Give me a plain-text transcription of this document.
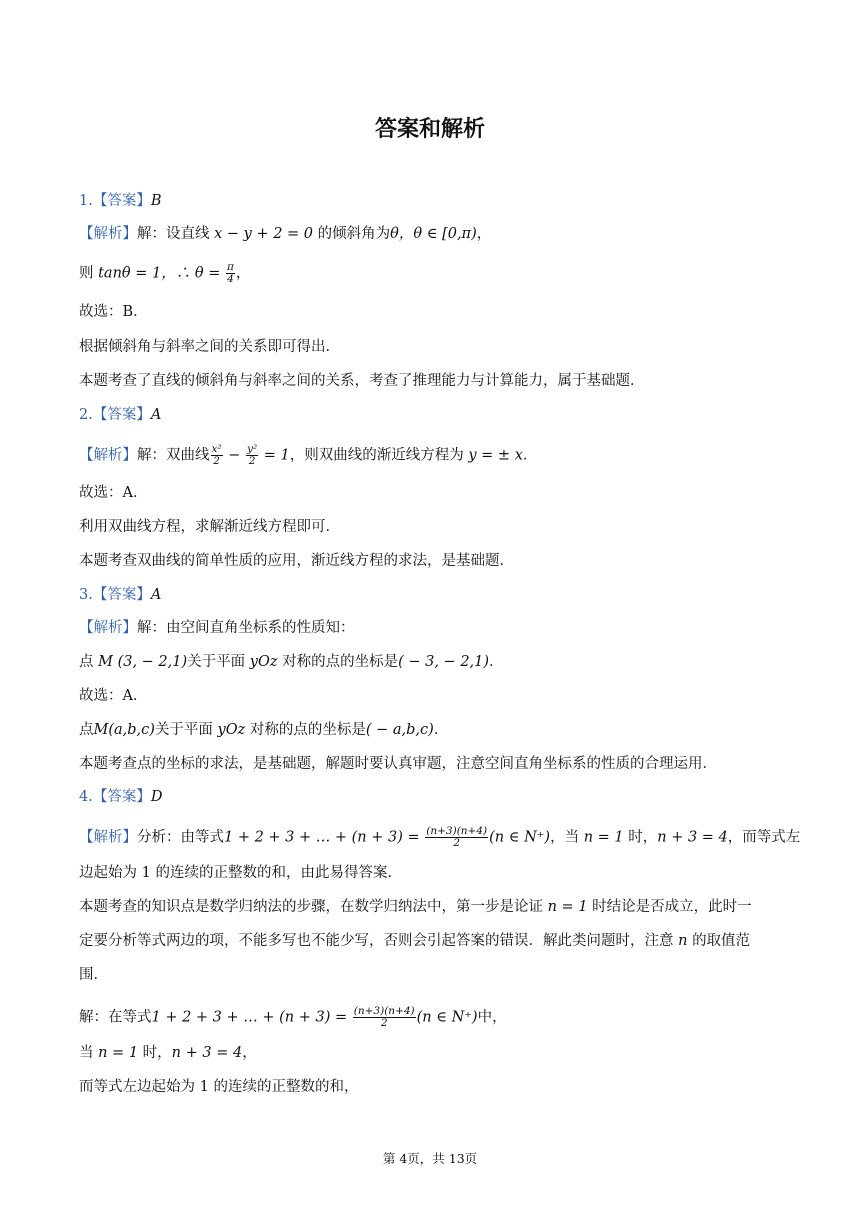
答案和解析
1.【答案】B
【解析】解：设直线 x − y + 2 = 0 的倾斜角为θ，θ ∈ [0,π)，
则 tanθ = 1，∴ $\theta = \frac{\pi}{4}$ ，
故选：B．
根据倾斜角与斜率之间的关系即可得出．
本题考查了直线的倾斜角与斜率之间的关系，考查了推理能力与计算能力，属于基础题．
2.【答案】A
【解析】解：双曲线 $\frac{\text{x²}}{2} - \frac{\text{y²}}{2} = 1$，则双曲线的渐近线方程为 y = ± x．
故选：A．
利用双曲线方程，求解渐近线方程即可．
本题考查双曲线的简单性质的应用，渐近线方程的求法，是基础题．
3.【答案】A
【解析】解：由空间直角坐标系的性质知：
点 M (3, − 2,1)关于平面 yOz 对称的点的坐标是( − 3, − 2,1)．
故选：A．
点M(a,b,c)关于平面 yOz 对称的点的坐标是( − a,b,c)．
本题考查点的坐标的求法，是基础题，解题时要认真审题，注意空间直角坐标系的性质的合理运用．
4.【答案】D
【解析】分析：由等式1 + 2 + 3 + … + $(n + 3) = \frac{(n+3)(n+4)}{2} (n$ ∈ N⁺)，当 n = 1 时，n + 3 = 4，而等式左
边起始为 1 的连续的正整数的和，由此易得答案．
本题考查的知识点是数学归纳法的步骤，在数学归纳法中，第一步是论证 n = 1 时结论是否成立，此时一
定要分析等式两边的项，不能多写也不能少写，否则会引起答案的错误．解此类问题时，注意 n 的取值范
围．
解：在等式1 + 2 + 3 + … + $(n + 3) = \frac{(n+3)(n+4)}{2} (n$ ∈ N⁺)中，
当 n = 1 时，n + 3 = 4，
而等式左边起始为 1 的连续的正整数的和，
第 4页，共 13页
